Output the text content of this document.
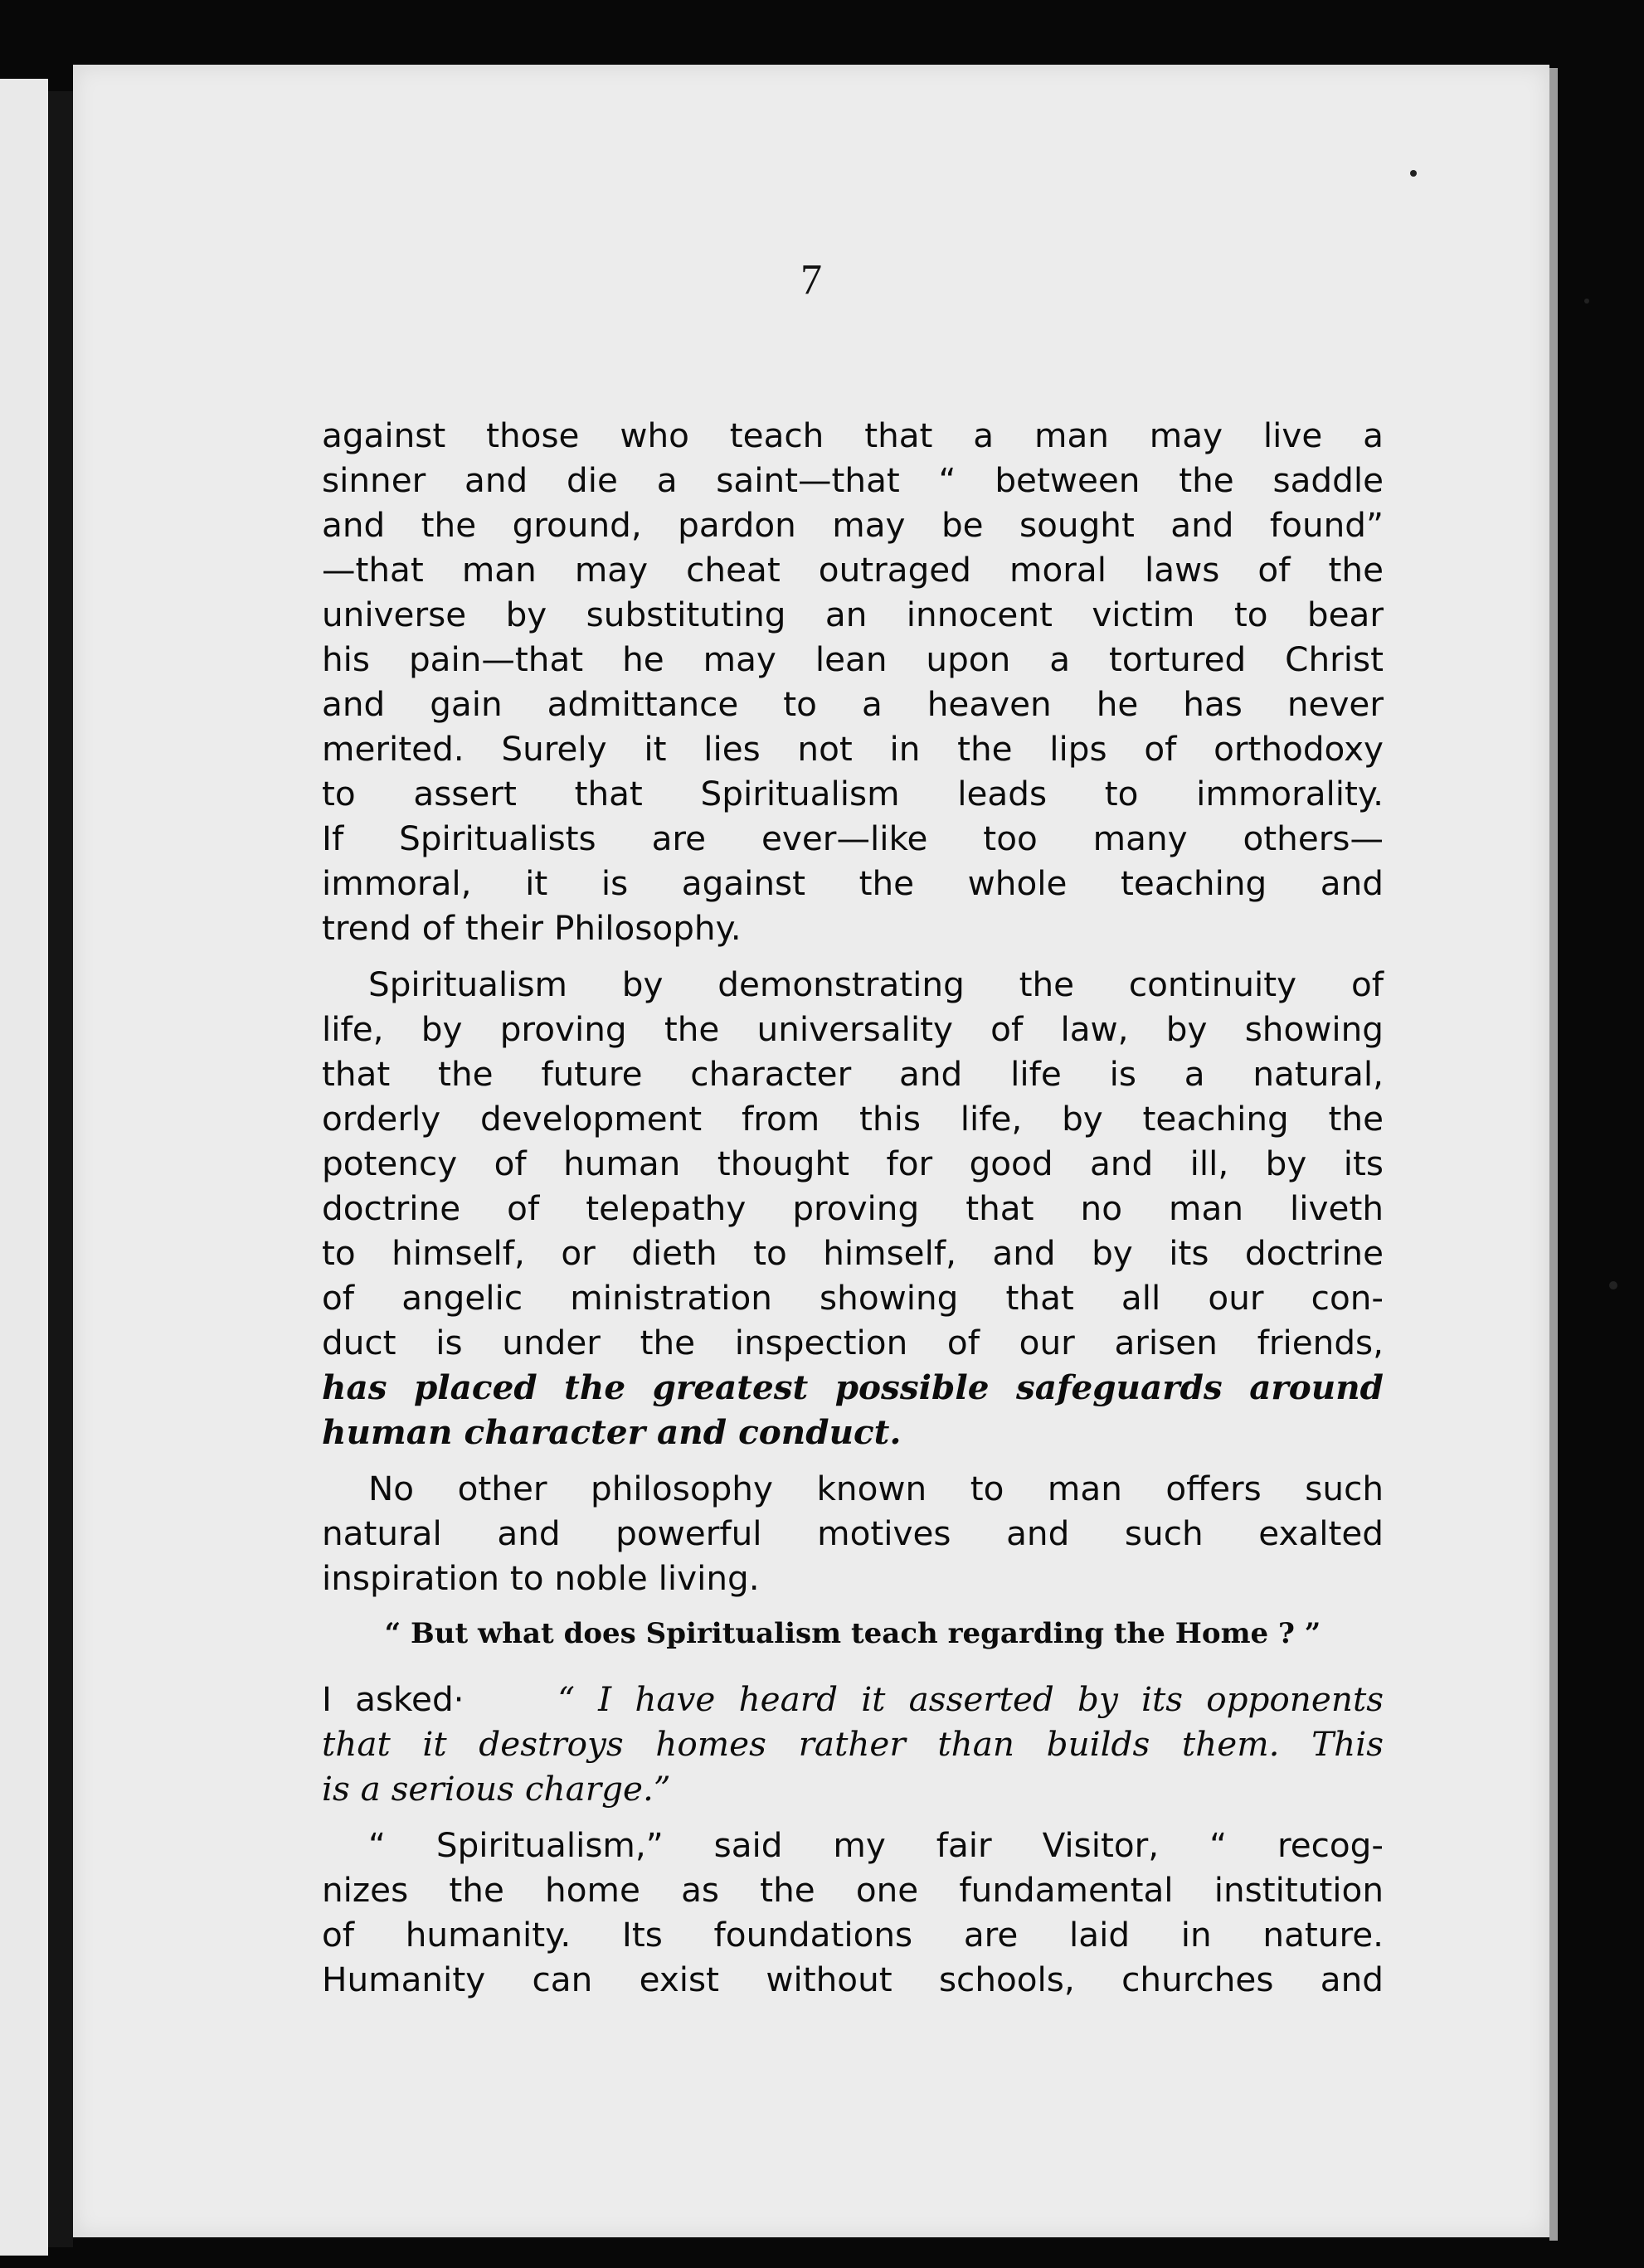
7
against those who teach that a man may live a
sinner and die a saint—that “ between the saddle
and the ground, pardon may be sought and found”
—that man may cheat outraged moral laws of the
universe by substituting an innocent victim to bear
his pain—that he may lean upon a tortured Christ
and gain admittance to a heaven he has never
merited. Surely it lies not in the lips of orthodoxy
to assert that Spiritualism leads to immorality.
If Spiritualists are ever—like too many others—
immoral, it is against the whole teaching and
trend of their Philosophy.
Spiritualism by demonstrating the continuity of
life, by proving the universality of law, by showing
that the future character and life is a natural,
orderly development from this life, by teaching the
potency of human thought for good and ill, by its
doctrine of telepathy proving that no man liveth
to himself, or dieth to himself, and by its doctrine
of angelic ministration showing that all our con-
duct is under the inspection of our arisen friends,
has placed the greatest possible safeguards around
human character and conduct.
No other philosophy known to man offers such
natural and powerful motives and such exalted
inspiration to noble living.
“ But what does Spiritualism teach regarding the Home ? ”
I asked·	“ I have heard it asserted by its opponents
that it destroys homes rather than builds them. This
is a serious charge.”
“ Spiritualism,” said my fair Visitor, “ recog-
nizes the home as the one fundamental institution
of humanity. Its foundations are laid in nature.
Humanity can exist without schools, churches and
